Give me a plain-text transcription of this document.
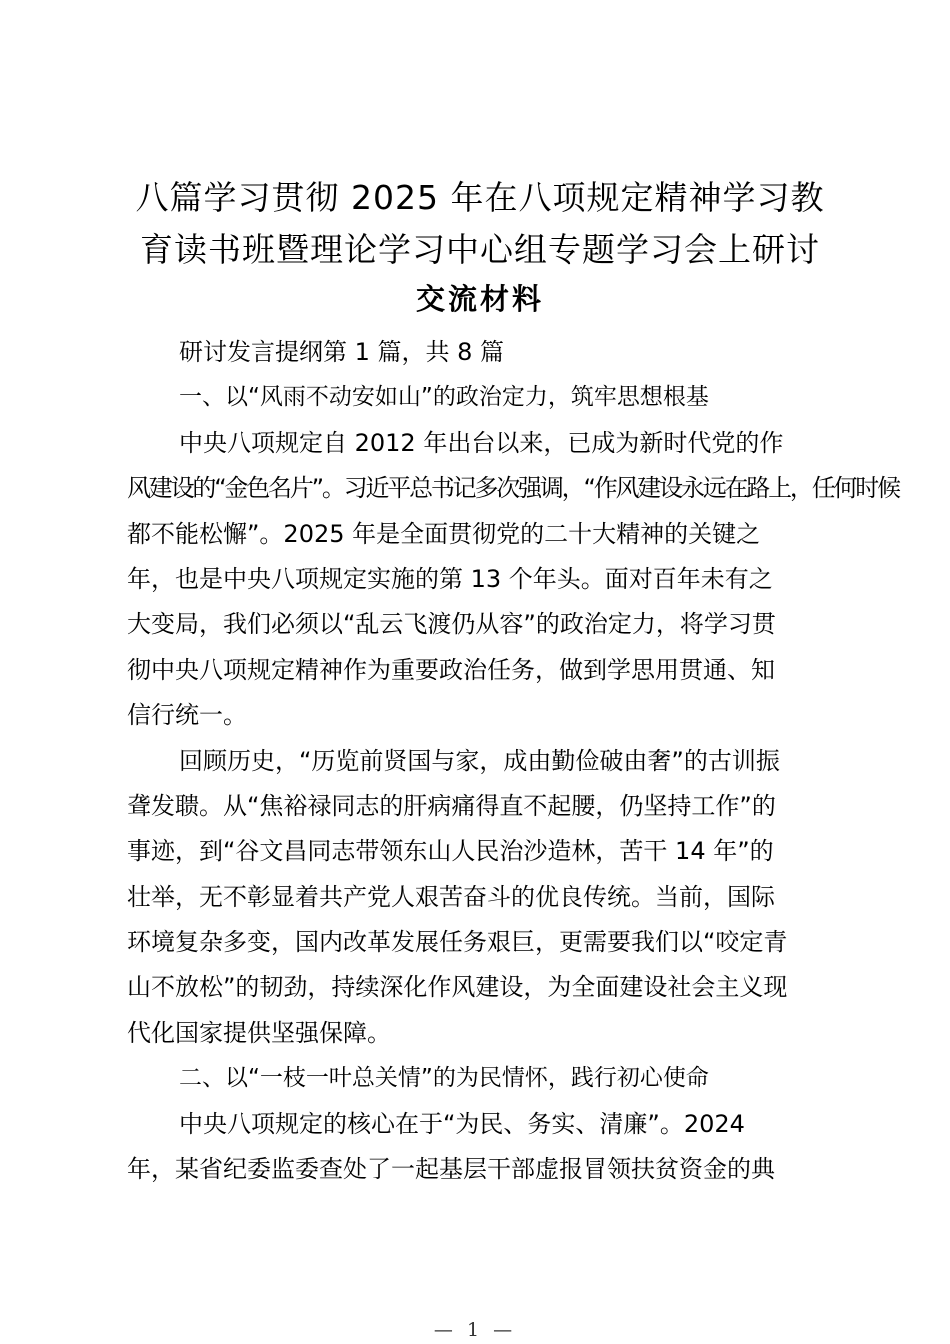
八篇学习贯彻 2025 年在八项规定精神学习教

育读书班暨理论学习中心组专题学习会上研讨

交流材料

研讨发言提纲第 1 篇，共 8 篇

一、以“风雨不动安如山”的政治定力，筑牢思想根基

中央八项规定自 2012 年出台以来，已成为新时代党的作

风建设的“金色名片”。习近平总书记多次强调，“作风建设永远在路上，任何时候

都不能松懈”。2025 年是全面贯彻党的二十大精神的关键之

年，也是中央八项规定实施的第 13 个年头。面对百年未有之

大变局，我们必须以“乱云飞渡仍从容”的政治定力，将学习贯

彻中央八项规定精神作为重要政治任务，做到学思用贯通、知

信行统一。

回顾历史，“历览前贤国与家，成由勤俭破由奢”的古训振

聋发聩。从“焦裕禄同志的肝病痛得直不起腰，仍坚持工作”的

事迹，到“谷文昌同志带领东山人民治沙造林，苦干 14 年”的

壮举，无不彰显着共产党人艰苦奋斗的优良传统。当前，国际

环境复杂多变，国内改革发展任务艰巨，更需要我们以“咬定青

山不放松”的韧劲，持续深化作风建设，为全面建设社会主义现

代化国家提供坚强保障。

二、以“一枝一叶总关情”的为民情怀，践行初心使命

中央八项规定的核心在于“为民、务实、清廉”。2024

年，某省纪委监委查处了一起基层干部虚报冒领扶贫资金的典

— 1 —
